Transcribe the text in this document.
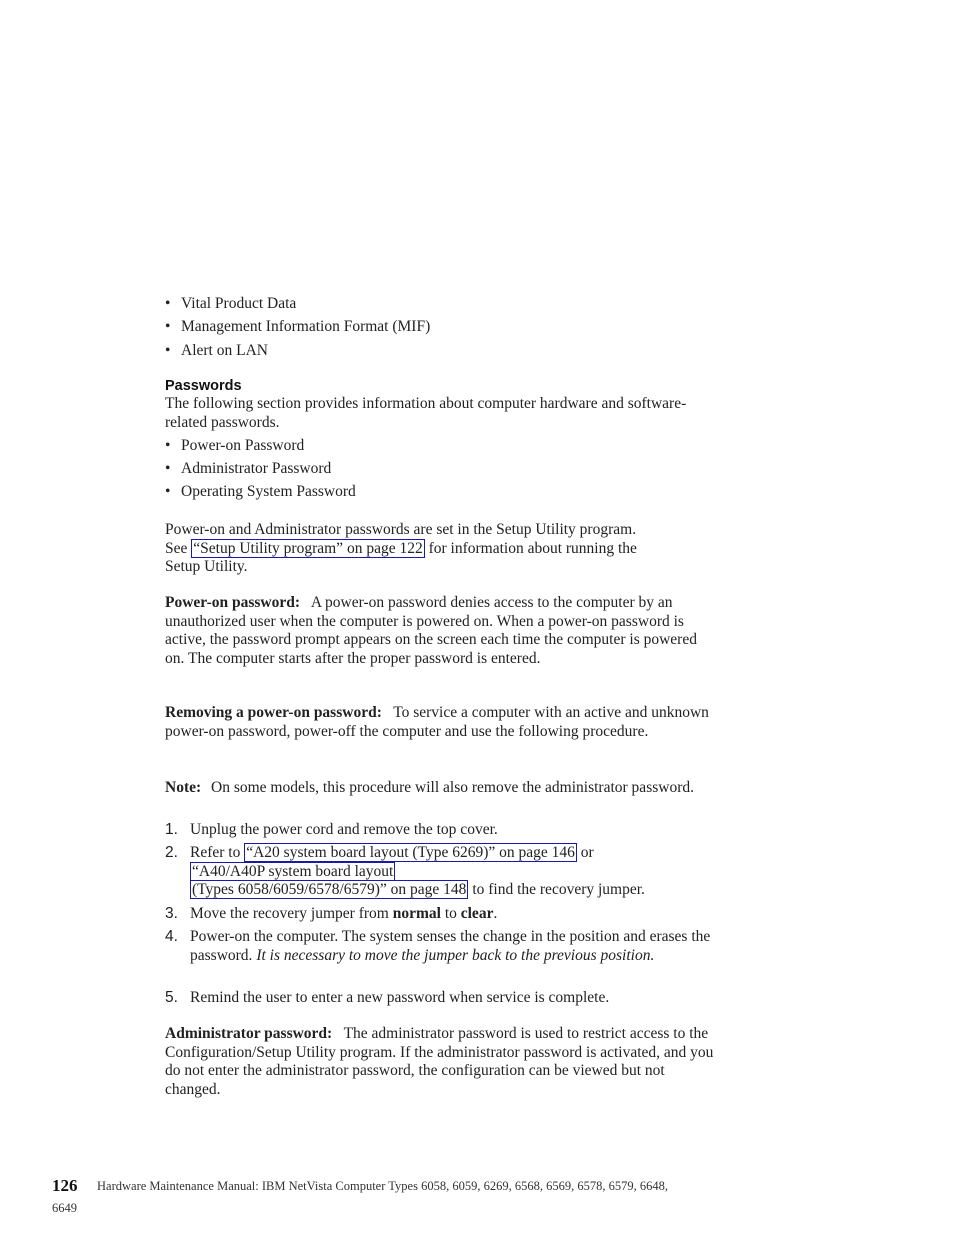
• Vital Product Data
• Management Information Format (MIF)
• Alert on LAN
Passwords
The following section provides information about computer hardware and software-related passwords.
• Power-on Password
• Administrator Password
• Operating System Password
Power-on and Administrator passwords are set in the Setup Utility program.
See “Setup Utility program” on page 122 for information about running the
Setup Utility.
Power-on password: A power-on password denies access to the computer by an unauthorized user when the computer is powered on. When a power-on password is active, the password prompt appears on the screen each time the computer is powered on. The computer starts after the proper password is entered.
Removing a power-on password: To service a computer with an active and unknown power-on password, power-off the computer and use the following procedure.
Note: On some models, this procedure will also remove the administrator password.
1. Unplug the power cord and remove the top cover.
2. Refer to “A20 system board layout (Type 6269)” on page 146 or
“A40/A40P system board layout
(Types 6058/6059/6578/6579)” on page 148 to find the recovery jumper.
3. Move the recovery jumper from normal to clear.
4. Power-on the computer. The system senses the change in the position and erases the password. It is necessary to move the jumper back to the previous position.
5. Remind the user to enter a new password when service is complete.
Administrator password: The administrator password is used to restrict access to the Configuration/Setup Utility program. If the administrator password is activated, and you do not enter the administrator password, the configuration can be viewed but not changed.
126 Hardware Maintenance Manual: IBM NetVista Computer Types 6058, 6059, 6269, 6568, 6569, 6578, 6579, 6648,
6649
